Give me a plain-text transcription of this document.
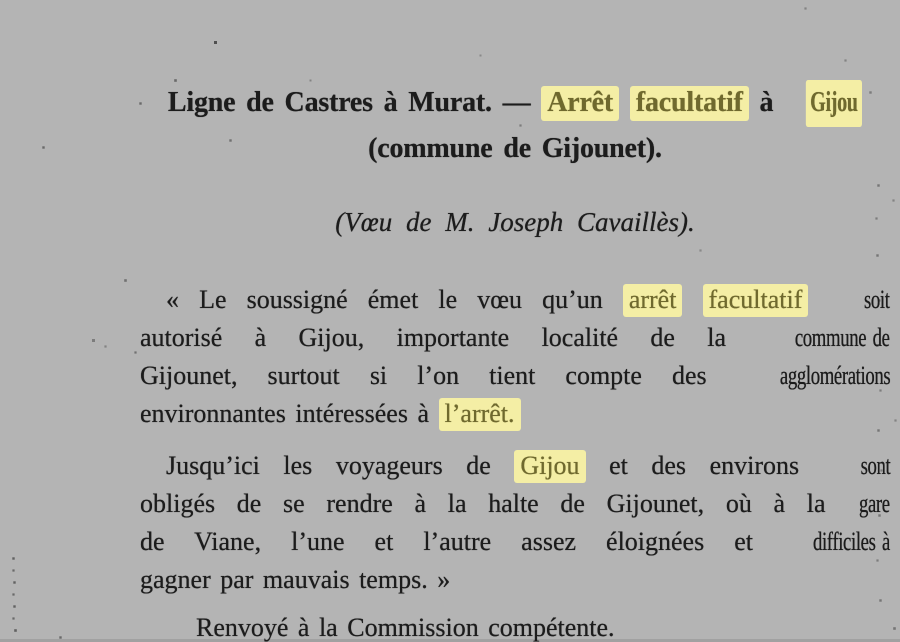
Ligne de Castres à Murat. — Arrêt facultatif à Gijou
(commune de Gijounet).
(Vœu de M. Joseph Cavaillès).
« Le soussigné émet le vœu qu’un arrêt facultatif soit
autorisé à Gijou, importante localité de la commune de
Gijounet, surtout si l’on tient compte des agglomérations
environnantes intéressées à l’arrêt.
Jusqu’ici les voyageurs de Gijou et des environs sont
obligés de se rendre à la halte de Gijounet, où à la gare
de Viane, l’une et l’autre assez éloignées et difficiles à
gagner par mauvais temps. »
Renvoyé à la Commission compétente.
